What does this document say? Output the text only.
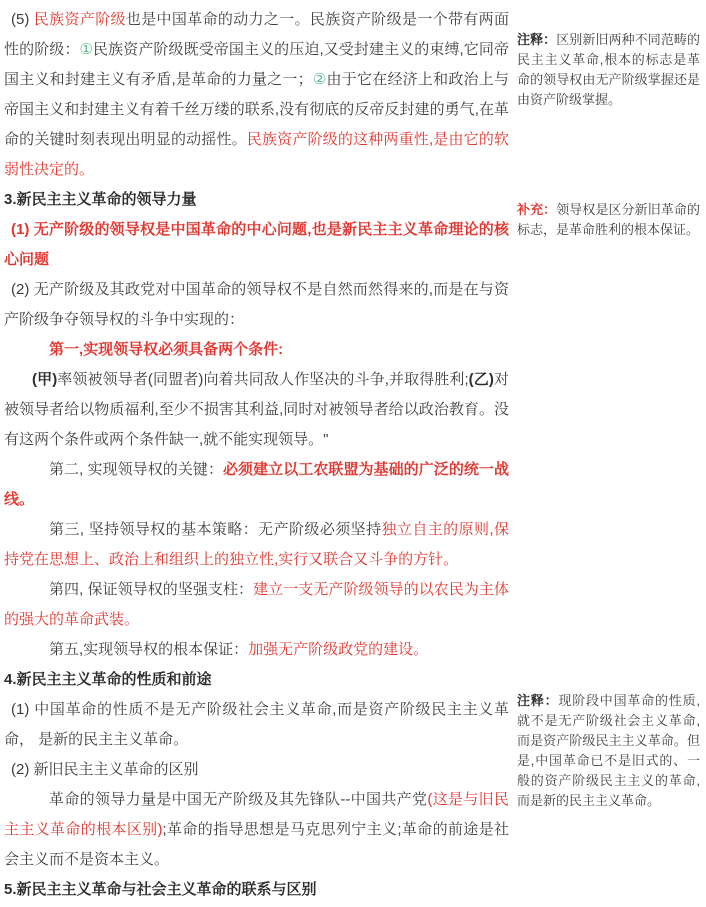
(5) 民族资产阶级也是中国革命的动力之一。民族资产阶级是一个带有两面性的阶级：①民族资产阶级既受帝国主义的压迫,又受封建主义的束缚,它同帝国主义和封建主义有矛盾,是革命的力量之一；②由于它在经济上和政治上与帝国主义和封建主义有着千丝万缕的联系,没有彻底的反帝反封建的勇气,在革命的关键时刻表现出明显的动摇性。民族资产阶级的这种两重性,是由它的软弱性决定的。

3.新民主主义革命的领导力量

(1) 无产阶级的领导权是中国革命的中心问题,也是新民主主义革命理论的核心问题

(2) 无产阶级及其政党对中国革命的领导权不是自然而然得来的,而是在与资产阶级争夺领导权的斗争中实现的：

第一,实现领导权必须具备两个条件:

(甲)率领被领导者(同盟者)向着共同敌人作坚决的斗争,并取得胜利;(乙)对被领导者给以物质福利,至少不损害其利益,同时对被领导者给以政治教育。没有这两个条件或两个条件缺一,就不能实现领导。"

第二, 实现领导权的关键：必须建立以工农联盟为基础的广泛的统一战线。

第三, 坚持领导权的基本策略：无产阶级必须坚持独立自主的原则,保持党在思想上、政治上和组织上的独立性,实行又联合又斗争的方针。

第四, 保证领导权的坚强支柱：建立一支无产阶级领导的以农民为主体的强大的革命武装。

第五,实现领导权的根本保证：加强无产阶级政党的建设。

4.新民主主义革命的性质和前途

(1) 中国革命的性质不是无产阶级社会主义革命,而是资产阶级民主主义革命， 是新的民主主义革命。

(2) 新旧民主主义革命的区别

革命的领导力量是中国无产阶级及其先锋队--中国共产党(这是与旧民主主义革命的根本区别);革命的指导思想是马克思列宁主义;革命的前途是社会主义而不是资本主义。

5.新民主主义革命与社会主义革命的联系与区别

注释：区别新旧两种不同范畴的民主主义革命,根本的标志是革命的领导权由无产阶级掌握还是由资产阶级掌握。
补充：领导权是区分新旧革命的标志，是革命胜利的根本保证。
注释：现阶段中国革命的性质,就不是无产阶级社会主义革命,而是资产阶级民主主义革命。但是,中国革命已不是旧式的、一般的资产阶级民主主义的革命,而是新的民主主义革命。
